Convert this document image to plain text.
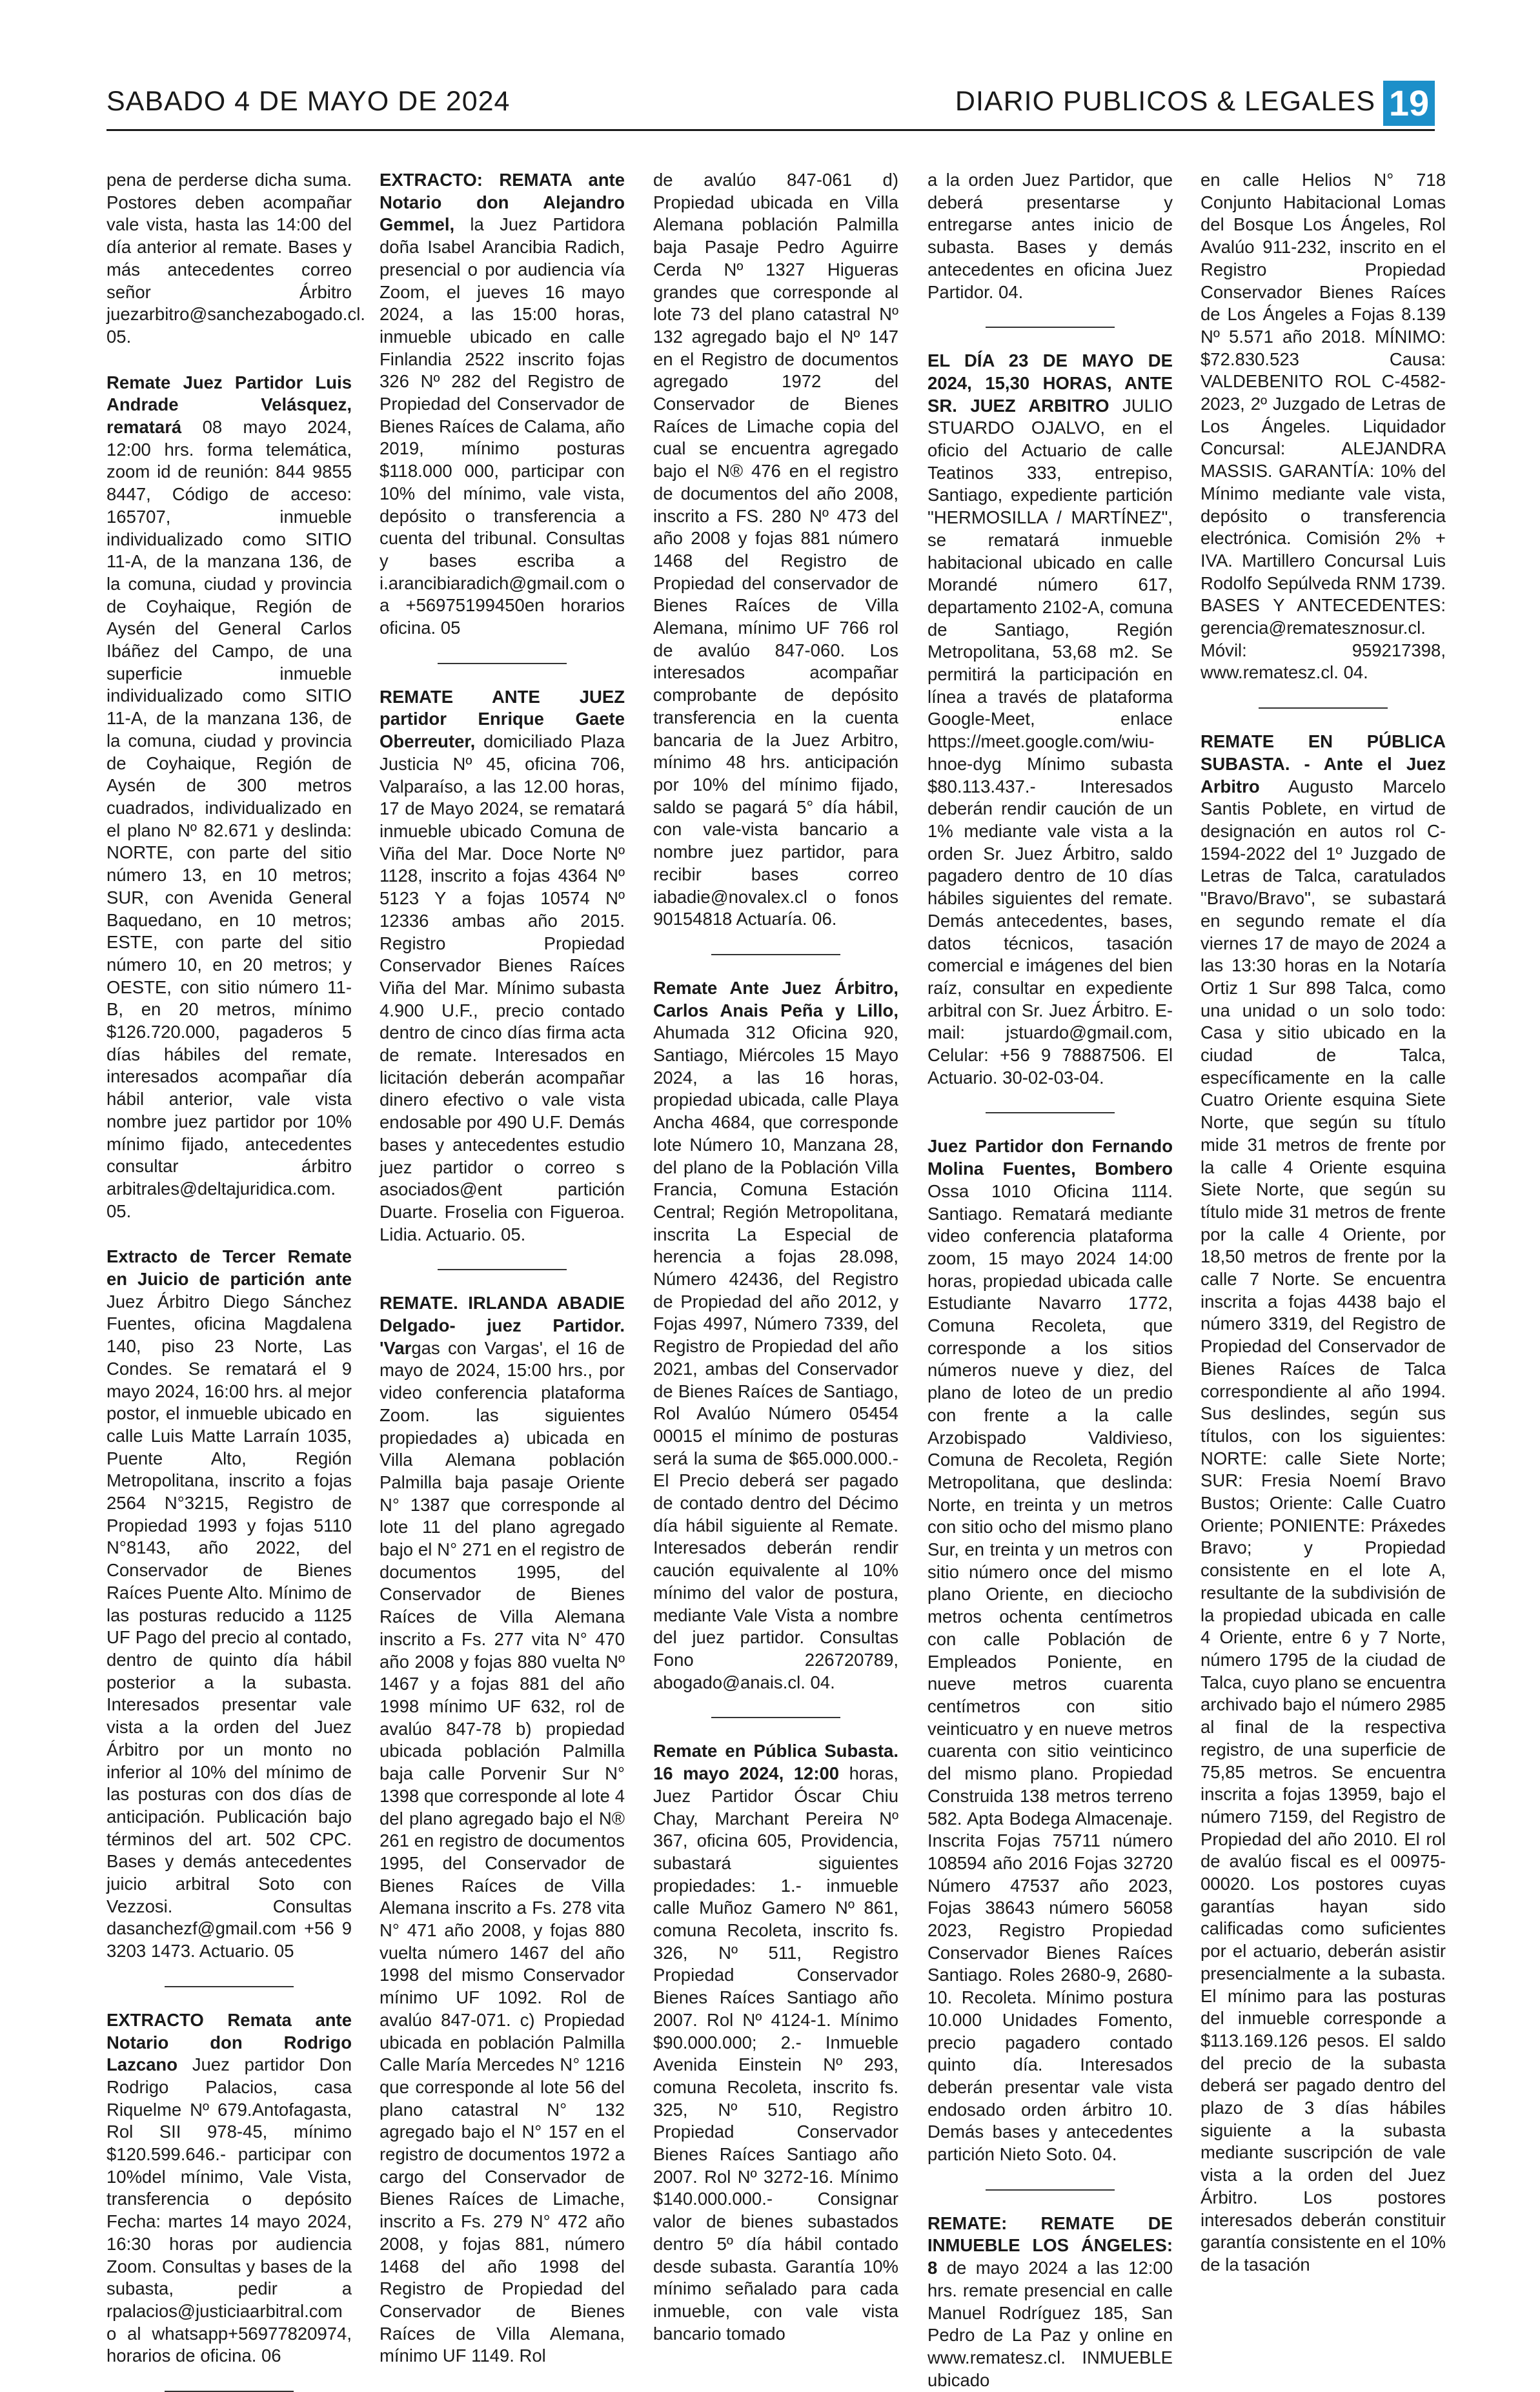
SABADO 4 DE MAYO DE 2024	DIARIO PUBLICOS & LEGALES 19
pena de perderse dicha suma. Postores deben acompañar vale vista, hasta las 14:00 del día anterior al remate. Bases y más antecedentes correo señor Árbitro juezarbitro@sanchezabogado.cl. 05.
Remate Juez Partidor Luis Andrade Velásquez, rematará 08 mayo 2024, 12:00 hrs. forma telemática, zoom id de reunión: 844 9855 8447, Código de acceso: 165707, inmueble individualizado como SITIO 11-A, de la manzana 136, de la comuna, ciudad y provincia de Coyhaique, Región de Aysén del General Carlos Ibáñez del Campo, de una superficie inmueble individualizado como SITIO 11-A, de la manzana 136, de la comuna, ciudad y provincia de Coyhaique, Región de Aysén de 300 metros cuadrados, individualizado en el plano Nº 82.671 y deslinda: NORTE, con parte del sitio número 13, en 10 metros; SUR, con Avenida General Baquedano, en 10 metros; ESTE, con parte del sitio número 10, en 20 metros; y OESTE, con sitio número 11-B, en 20 metros, mínimo $126.720.000, pagaderos 5 días hábiles del remate, interesados acompañar día hábil anterior, vale vista nombre juez partidor por 10% mínimo fijado, antecedentes consultar árbitro arbitrales@deltajuridica.com. 05.
Extracto de Tercer Remate en Juicio de partición ante Juez Árbitro Diego Sánchez Fuentes, oficina Magdalena 140, piso 23 Norte, Las Condes. Se rematará el 9 mayo 2024, 16:00 hrs. al mejor postor, el inmueble ubicado en calle Luis Matte Larraín 1035, Puente Alto, Región Metropolitana, inscrito a fojas 2564 N°3215, Registro de Propiedad 1993 y fojas 5110 N°8143, año 2022, del Conservador de Bienes Raíces Puente Alto. Mínimo de las posturas reducido a 1125 UF Pago del precio al contado, dentro de quinto día hábil posterior a la subasta. Interesados presentar vale vista a la orden del Juez Árbitro por un monto no inferior al 10% del mínimo de las posturas con dos días de anticipación. Publicación bajo términos del art. 502 CPC. Bases y demás antecedentes juicio arbitral Soto con Vezzosi. Consultas dasanchezf@gmail.com +56 9 3203 1473. Actuario. 05
EXTRACTO Remata ante Notario don Rodrigo Lazcano Juez partidor Don Rodrigo Palacios, casa Riquelme Nº 679.Antofagasta, Rol SII 978-45, mínimo $120.599.646.- participar con 10%del mínimo, Vale Vista, transferencia o depósito Fecha: martes 14 mayo 2024, 16:30 horas por audiencia Zoom. Consultas y bases de la subasta, pedir a rpalacios@justiciaarbitral.com o al whatsapp+56977820974, horarios de oficina. 06
EXTRACTO: REMATA ante Notario don Alejandro Gemmel, la Juez Partidora doña Isabel Arancibia Radich, presencial o por audiencia vía Zoom, el jueves 16 mayo 2024, a las 15:00 horas, inmueble ubicado en calle Finlandia 2522 inscrito fojas 326 Nº 282 del Registro de Propiedad del Conservador de Bienes Raíces de Calama, año 2019, mínimo posturas $118.000 000, participar con 10% del mínimo, vale vista, depósito o transferencia a cuenta del tribunal. Consultas y bases escriba a i.arancibiaradich@gmail.com o a +56975199450en horarios oficina. 05
REMATE ANTE JUEZ partidor Enrique Gaete Oberreuter, domiciliado Plaza Justicia Nº 45, oficina 706, Valparaíso, a las 12.00 horas, 17 de Mayo 2024, se rematará inmueble ubicado Comuna de Viña del Mar. Doce Norte Nº 1128, inscrito a fojas 4364 Nº 5123 Y a fojas 10574 Nº 12336 ambas año 2015. Registro Propiedad Conservador Bienes Raíces Viña del Mar. Mínimo subasta 4.900 U.F., precio contado dentro de cinco días firma acta de remate. Interesados en licitación deberán acompañar dinero efectivo o vale vista endosable por 490 U.F. Demás bases y antecedentes estudio juez partidor o correo s asociados@ent partición Duarte. Froselia con Figueroa. Lidia. Actuario. 05.
REMATE. IRLANDA ABADIE Delgado- juez Partidor. 'Vargas con Vargas', el 16 de mayo de 2024, 15:00 hrs., por video conferencia plataforma Zoom. las siguientes propiedades a) ubicada en Villa Alemana población Palmilla baja pasaje Oriente N° 1387 que corresponde al lote 11 del plano agregado bajo el N° 271 en el registro de documentos 1995, del Conservador de Bienes Raíces de Villa Alemana inscrito a Fs. 277 vita N° 470 año 2008 y fojas 880 vuelta Nº 1467 y a fojas 881 del año 1998 mínimo UF 632, rol de avalúo 847-78 b) propiedad ubicada población Palmilla baja calle Porvenir Sur N° 1398 que corresponde al lote 4 del plano agregado bajo el N® 261 en registro de documentos 1995, del Conservador de Bienes Raíces de Villa Alemana inscrito a Fs. 278 vita N° 471 año 2008, y fojas 880 vuelta número 1467 del año 1998 del mismo Conservador mínimo UF 1092. Rol de avalúo 847-071. c) Propiedad ubicada en población Palmilla Calle María Mercedes N° 1216 que corresponde al lote 56 del plano catastral N° 132 agregado bajo el N° 157 en el registro de documentos 1972 a cargo del Conservador de Bienes Raíces de Limache, inscrito a Fs. 279 N° 472 año 2008, y fojas 881, número 1468 del año 1998 del Registro de Propiedad del Conservador de Bienes Raíces de Villa Alemana, mínimo UF 1149. Rol
de avalúo 847-061 d) Propiedad ubicada en Villa Alemana población Palmilla baja Pasaje Pedro Aguirre Cerda Nº 1327 Higueras grandes que corresponde al lote 73 del plano catastral Nº 132 agregado bajo el Nº 147 en el Registro de documentos agregado 1972 del Conservador de Bienes Raíces de Limache copia del cual se encuentra agregado bajo el N® 476 en el registro de documentos del año 2008, inscrito a FS. 280 Nº 473 del año 2008 y fojas 881 número 1468 del Registro de Propiedad del conservador de Bienes Raíces de Villa Alemana, mínimo UF 766 rol de avalúo 847-060. Los interesados acompañar comprobante de depósito transferencia en la cuenta bancaria de la Juez Arbitro, mínimo 48 hrs. anticipación por 10% del mínimo fijado, saldo se pagará 5° día hábil, con vale-vista bancario a nombre juez partidor, para recibir bases correo iabadie@novalex.cl o fonos 90154818 Actuaría. 06.
Remate Ante Juez Árbitro, Carlos Anais Peña y Lillo, Ahumada 312 Oficina 920, Santiago, Miércoles 15 Mayo 2024, a las 16 horas, propiedad ubicada, calle Playa Ancha 4684, que corresponde lote Número 10, Manzana 28, del plano de la Población Villa Francia, Comuna Estación Central; Región Metropolitana, inscrita La Especial de herencia a fojas 28.098, Número 42436, del Registro de Propiedad del año 2012, y Fojas 4997, Número 7339, del Registro de Propiedad del año 2021, ambas del Conservador de Bienes Raíces de Santiago, Rol Avalúo Número 05454 00015 el mínimo de posturas será la suma de $65.000.000.-El Precio deberá ser pagado de contado dentro del Décimo día hábil siguiente al Remate. Interesados deberán rendir caución equivalente al 10% mínimo del valor de postura, mediante Vale Vista a nombre del juez partidor. Consultas Fono 226720789, abogado@anais.cl. 04.
Remate en Pública Subasta. 16 mayo 2024, 12:00 horas, Juez Partidor Óscar Chiu Chay, Marchant Pereira Nº 367, oficina 605, Providencia, subastará siguientes propiedades: 1.- inmueble calle Muñoz Gamero Nº 861, comuna Recoleta, inscrito fs. 326, Nº 511, Registro Propiedad Conservador Bienes Raíces Santiago año 2007. Rol Nº 4124-1. Mínimo $90.000.000; 2.- Inmueble Avenida Einstein Nº 293, comuna Recoleta, inscrito fs. 325, Nº 510, Registro Propiedad Conservador Bienes Raíces Santiago año 2007. Rol Nº 3272-16. Mínimo $140.000.000.- Consignar valor de bienes subastados dentro 5º día hábil contado desde subasta. Garantía 10% mínimo señalado para cada inmueble, con vale vista bancario tomado
a la orden Juez Partidor, que deberá presentarse y entregarse antes inicio de subasta. Bases y demás antecedentes en oficina Juez Partidor. 04.
EL DÍA 23 DE MAYO DE 2024, 15,30 HORAS, ANTE SR. JUEZ ARBITRO JULIO STUARDO OJALVO, en el oficio del Actuario de calle Teatinos 333, entrepiso, Santiago, expediente partición "HERMOSILLA / MARTÍNEZ", se rematará inmueble habitacional ubicado en calle Morandé número 617, departamento 2102-A, comuna de Santiago, Región Metropolitana, 53,68 m2. Se permitirá la participación en línea a través de plataforma Google-Meet, enlace https://meet.google.com/wiu-hnoe-dyg Mínimo subasta $80.113.437.- Interesados deberán rendir caución de un 1% mediante vale vista a la orden Sr. Juez Árbitro, saldo pagadero dentro de 10 días hábiles siguientes del remate. Demás antecedentes, bases, datos técnicos, tasación comercial e imágenes del bien raíz, consultar en expediente arbitral con Sr. Juez Árbitro. E-mail: jstuardo@gmail.com, Celular: +56 9 78887506. El Actuario. 30-02-03-04.
Juez Partidor don Fernando Molina Fuentes, Bombero Ossa 1010 Oficina 1114. Santiago. Rematará mediante video conferencia plataforma zoom, 15 mayo 2024 14:00 horas, propiedad ubicada calle Estudiante Navarro 1772, Comuna Recoleta, que corresponde a los sitios números nueve y diez, del plano de loteo de un predio con frente a la calle Arzobispado Valdivieso, Comuna de Recoleta, Región Metropolitana, que deslinda: Norte, en treinta y un metros con sitio ocho del mismo plano Sur, en treinta y un metros con sitio número once del mismo plano Oriente, en dieciocho metros ochenta centímetros con calle Población de Empleados Poniente, en nueve metros cuarenta centímetros con sitio veinticuatro y en nueve metros cuarenta con sitio veinticinco del mismo plano. Propiedad Construida 138 metros terreno 582. Apta Bodega Almacenaje. Inscrita Fojas 75711 número 108594 año 2016 Fojas 32720 Número 47537 año 2023, Fojas 38643 número 56058 2023, Registro Propiedad Conservador Bienes Raíces Santiago. Roles 2680-9, 2680-10. Recoleta. Mínimo postura 10.000 Unidades Fomento, precio pagadero contado quinto día. Interesados deberán presentar vale vista endosado orden árbitro 10. Demás bases y antecedentes partición Nieto Soto. 04.
REMATE: REMATE DE INMUEBLE LOS ÁNGELES: 8 de mayo 2024 a las 12:00 hrs. remate presencial en calle Manuel Rodríguez 185, San Pedro de La Paz y online en www.rematesz.cl. INMUEBLE ubicado
en calle Helios N° 718 Conjunto Habitacional Lomas del Bosque Los Ángeles, Rol Avalúo 911-232, inscrito en el Registro Propiedad Conservador Bienes Raíces de Los Ángeles a Fojas 8.139 Nº 5.571 año 2018. MÍNIMO: $72.830.523 Causa: VALDEBENITO ROL C-4582-2023, 2º Juzgado de Letras de Los Ángeles. Liquidador Concursal: ALEJANDRA MASSIS. GARANTÍA: 10% del Mínimo mediante vale vista, depósito o transferencia electrónica. Comisión 2% + IVA. Martillero Concursal Luis Rodolfo Sepúlveda RNM 1739. BASES Y ANTECEDENTES: gerencia@rematesznosur.cl. Móvil: 959217398, www.rematesz.cl. 04.
REMATE EN PÚBLICA SUBASTA. - Ante el Juez Arbitro Augusto Marcelo Santis Poblete, en virtud de designación en autos rol C-1594-2022 del 1º Juzgado de Letras de Talca, caratulados "Bravo/Bravo", se subastará en segundo remate el día viernes 17 de mayo de 2024 a las 13:30 horas en la Notaría Ortiz 1 Sur 898 Talca, como una unidad o un solo todo: Casa y sitio ubicado en la ciudad de Talca, específicamente en la calle Cuatro Oriente esquina Siete Norte, que según su título mide 31 metros de frente por la calle 4 Oriente esquina Siete Norte, que según su título mide 31 metros de frente por la calle 4 Oriente, por 18,50 metros de frente por la calle 7 Norte. Se encuentra inscrita a fojas 4438 bajo el número 3319, del Registro de Propiedad del Conservador de Bienes Raíces de Talca correspondiente al año 1994. Sus deslindes, según sus títulos, con los siguientes: NORTE: calle Siete Norte; SUR: Fresia Noemí Bravo Bustos; Oriente: Calle Cuatro Oriente; PONIENTE: Práxedes Bravo; y Propiedad consistente en el lote A, resultante de la subdivisión de la propiedad ubicada en calle 4 Oriente, entre 6 y 7 Norte, número 1795 de la ciudad de Talca, cuyo plano se encuentra archivado bajo el número 2985 al final de la respectiva registro, de una superficie de 75,85 metros. Se encuentra inscrita a fojas 13959, bajo el número 7159, del Registro de Propiedad del año 2010. El rol de avalúo fiscal es el 00975-00020. Los postores cuyas garantías hayan sido calificadas como suficientes por el actuario, deberán asistir presencialmente a la subasta. El mínimo para las posturas del inmueble corresponde a $113.169.126 pesos. El saldo del precio de la subasta deberá ser pagado dentro del plazo de 3 días hábiles siguiente a la subasta mediante suscripción de vale vista a la orden del Juez Árbitro. Los postores interesados deberán constituir garantía consistente en el 10% de la tasación
